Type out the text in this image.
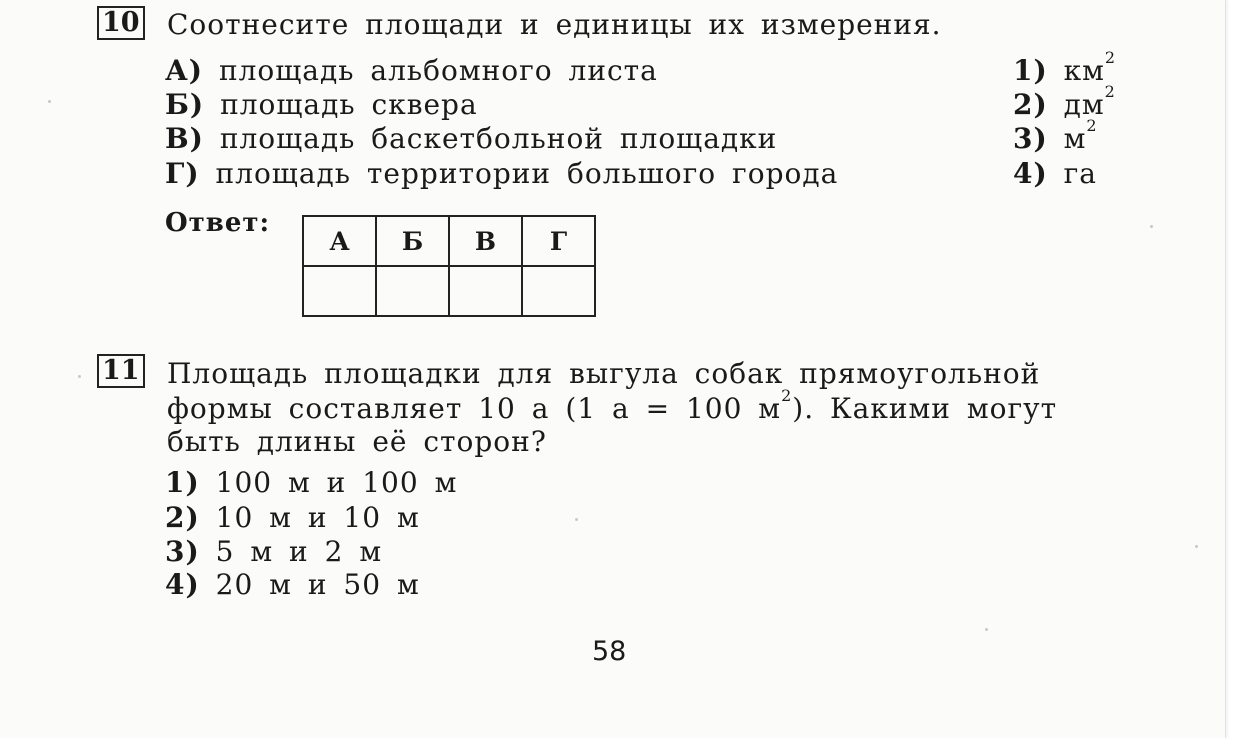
10 Соотнесите площади и единицы их измерения.
А) площадь альбомного листа
Б) площадь сквера
В) площадь баскетбольной площадки
Г) площадь территории большого города
1) $км^2$
2) $дм^2$
3) $м^2$
4) га
Ответ:
А	Б	В	Г

11 Площадь площадки для выгула собак прямоугольной
формы составляет 10 а (1 а = 100 $м^2$). Какими могут
быть длины её сторон?
1) 100 м и 100 м
2) 10 м и 10 м
3) 5 м и 2 м
4) 20 м и 50 м
58
